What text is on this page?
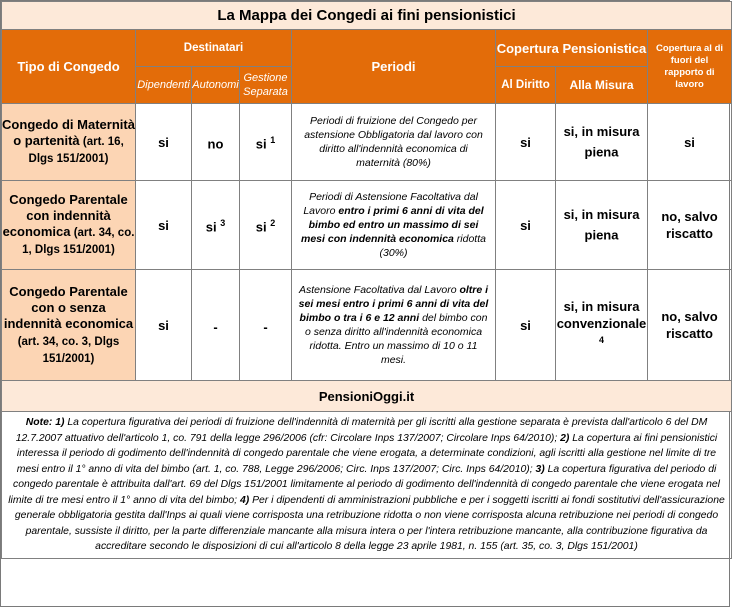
La Mappa dei Congedi ai fini pensionistici							
Tipo di Congedo	Destinatari			Periodi	Copertura Pensionistica		Copertura al di fuori del rapporto di lavoro
	Dipendenti	Autonomi	Gestione Separata		Al Diritto	Alla Misura	
Congedo di Maternità o partenità (art. 16, Dlgs 151/2001)	si	no	si $^1$	Periodi di fruizione del Congedo per astensione Obbligatoria dal lavoro con diritto all'indennità economica di maternità (80%)	si	si, in misura piena	si
Congedo Parentale con indennità economica (art. 34, co. 1, Dlgs 151/2001)	si	si $^3$	si $^2$	Periodi di Astensione Facoltativa dal Lavoro entro i primi 6 anni di vita del bimbo ed entro un massimo di sei mesi con indennità economica ridotta (30%)	si	si, in misura piena	no, salvo riscatto
Congedo Parentale con o senza indennità economica (art. 34, co. 3, Dlgs 151/2001)	si	-	-	Astensione Facoltativa dal Lavoro oltre i sei mesi entro i primi 6 anni di vita del bimbo o tra i 6 e 12 anni del bimbo con o senza diritto all'indennità economica ridotta. Entro un massimo di 10 o 11 mesi.	si	si, in misura convenzionale $^4$	no, salvo riscatto
PensioniOggi.it							
Note: 1) La copertura figurativa dei periodi di fruizione dell'indennità di maternità per gli iscritti alla gestione separata è prevista dall'articolo 6 del DM 12.7.2007 attuativo dell'articolo 1, co. 791 della legge 296/2006 (cfr: Circolare Inps 137/2007; Circolare Inps 64/2010); 2) La copertura ai fini pensionistici interessa il periodo di godimento dell'indennità di congedo parentale che viene erogata, a determinate condizioni, agli iscritti alla gestione nel limite di tre mesi entro il 1° anno di vita del bimbo (art. 1, co. 788, Legge 296/2006; Circ. Inps 137/2007; Circ. Inps 64/2010); 3) La copertura figurativa del periodo di congedo parentale è attribuita dall'art. 69 del Dlgs 151/2001 limitamente al periodo di godimento dell'indennità di congedo parentale che viene erogata nel limite di tre mesi entro il 1° anno di vita del bimbo; 4) Per i dipendenti di amministrazioni pubbliche e per i soggetti iscritti ai fondi sostitutivi dell'assicurazione generale obbligatoria gestita dall'Inps ai quali viene corrisposta una retribuzione ridotta o non viene corrisposta alcuna retribuzione nei periodi di congedo parentale, sussiste il diritto, per la parte differenziale mancante alla misura intera o per l'intera retribuzione mancante, alla contribuzione figurativa da accreditare secondo le disposizioni di cui all'articolo 8 della legge 23 aprile 1981, n. 155 (art. 35, co. 3, Dlgs 151/2001)							
